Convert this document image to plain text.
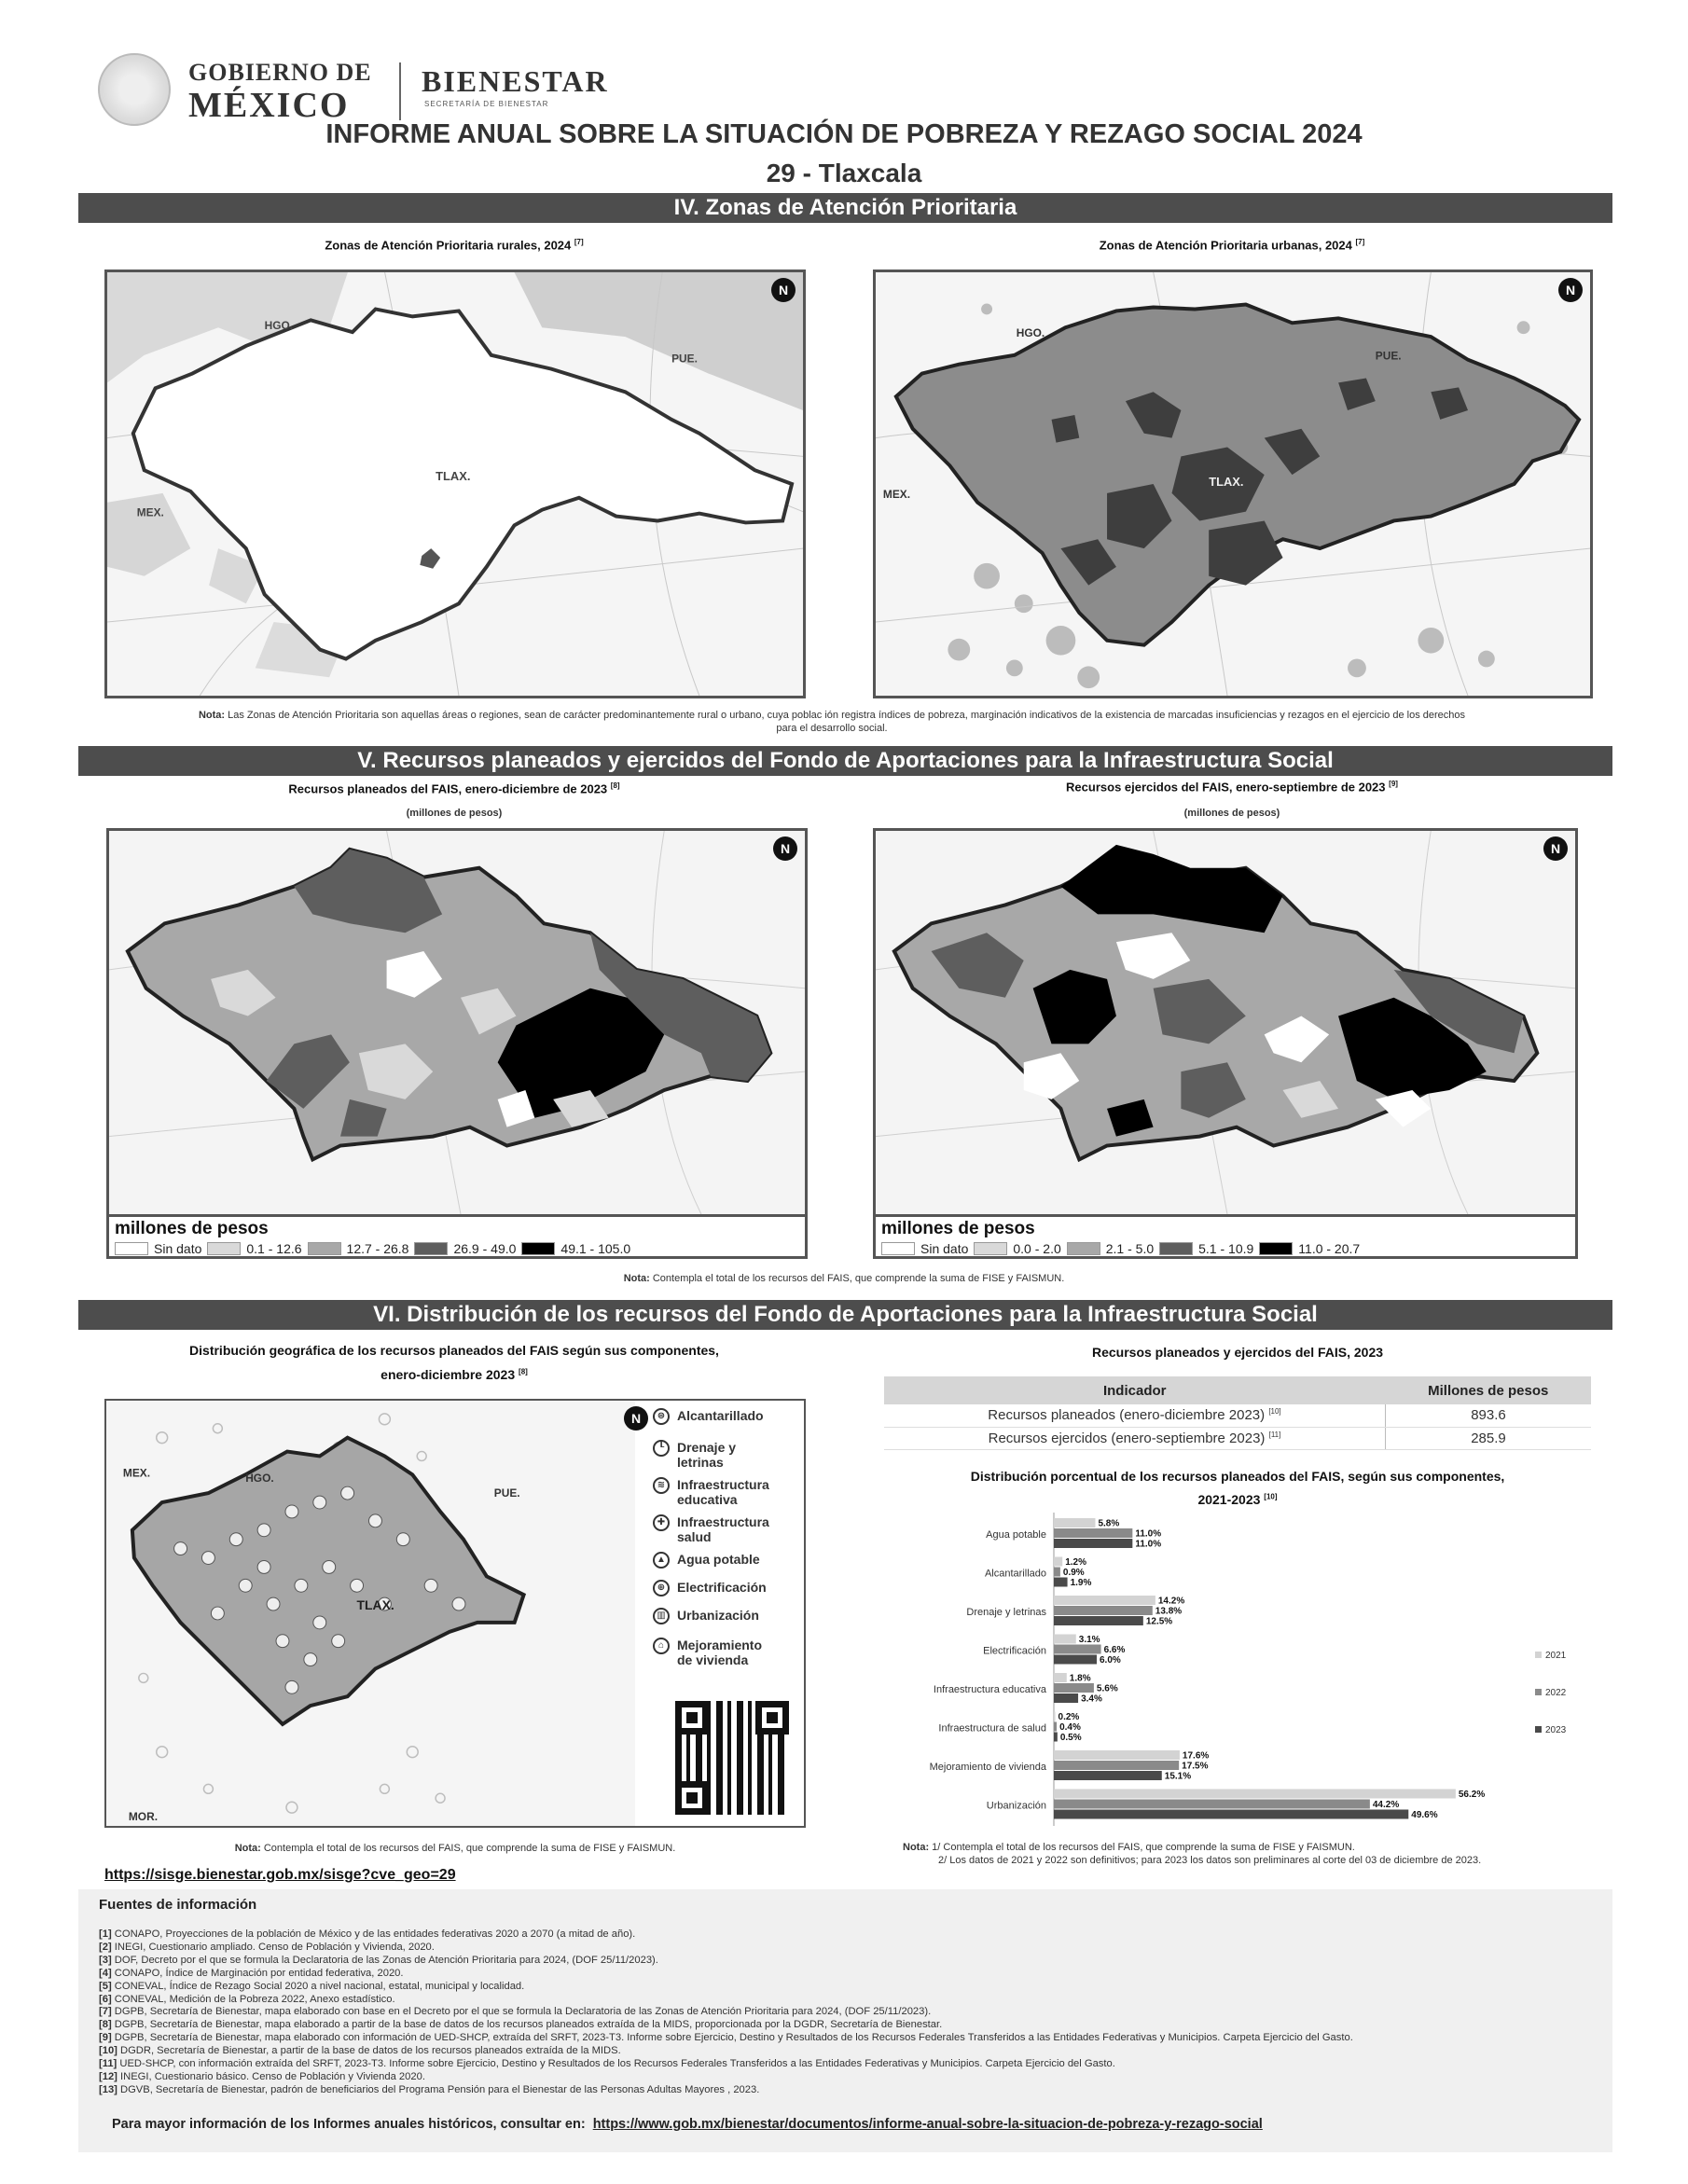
GOBIERNO DE
MÉXICO
BIENESTAR
SECRETARÍA DE BIENESTAR
INFORME ANUAL SOBRE LA SITUACIÓN DE POBREZA Y REZAGO SOCIAL 2024
29 - Tlaxcala
IV. Zonas de Atención Prioritaria
Zonas de Atención Prioritaria rurales, 2024 [7]	Zonas de Atención Prioritaria urbanas, 2024 [7]
HGO.
PUE.
TLAX.
MEX.
N
HGO.
PUE.
TLAX.
MEX.
N
Nota: Las Zonas de Atención Prioritaria son aquellas áreas o regiones, sean de carácter predominantemente rural o urbano, cuya poblac ión registra índices de pobreza, marginación indicativos de la existencia de marcadas insuficiencias y rezagos en el ejercicio de los derechos para el desarrollo social.
V. Recursos planeados y ejercidos del Fondo de Aportaciones para la Infraestructura Social
Recursos planeados del FAIS, enero-diciembre de 2023 [8]
(millones de pesos)
Recursos ejercidos del FAIS, enero-septiembre de 2023 [9]
(millones de pesos)
N
millones de pesos
Sin dato	0.1 - 12.6	12.7 - 26.8	26.9 - 49.0	49.1 - 105.0
N
millones de pesos
Sin dato	0.0 - 2.0	2.1 - 5.0	5.1 - 10.9	11.0 - 20.7
Nota: Contempla el total de los recursos del FAIS, que comprende la suma de FISE y FAISMUN.
VI. Distribución de los recursos del Fondo de Aportaciones para la Infraestructura Social
Distribución geográfica de los recursos planeados del FAIS según sus componentes,
enero-diciembre 2023 [8]
Recursos planeados y ejercidos del FAIS, 2023
MEX.	HGO.
PUE.
TLAX.
MOR.
N	⊜ Alcantarillado
┖ Drenaje y letrinas
≋ Infraestructura educativa
✚ Infraestructura salud
▲ Agua potable
⊕ Electrificación
▥ Urbanización
⌂ Mejoramiento de vivienda
Nota: Contempla el total de los recursos del FAIS, que comprende la suma de FISE y FAISMUN.
Indicador	Millones de pesos
Recursos planeados (enero-diciembre 2023) [10]	893.6
Recursos ejercidos (enero-septiembre 2023) [11]	285.9
Distribución porcentual de los recursos planeados del FAIS, según sus componentes,
2021-2023 [10]
Agua potable
5.8%
11.0%
11.0%
Alcantarillado
1.2%
0.9%
1.9%
Drenaje y letrinas
14.2%
13.8%
12.5%
Electrificación
3.1%
6.6%
6.0%
Infraestructura educativa
1.8%
5.6%
3.4%
Infraestructura de salud
0.2%
0.4%
0.5%
Mejoramiento de vivienda
17.6%
17.5%
15.1%
Urbanización
56.2%
44.2%
49.6%
2021
2022
2023
Nota: 1/ Contempla el total de los recursos del FAIS, que comprende la suma de FISE y FAISMUN.
2/ Los datos de 2021 y 2022 son definitivos; para 2023 los datos son preliminares al corte del 03 de diciembre de 2023.
https://sisge.bienestar.gob.mx/sisge?cve_geo=29
Fuentes de información
[1] CONAPO, Proyecciones de la población de México y de las entidades federativas 2020 a 2070 (a mitad de año).
[2] INEGI, Cuestionario ampliado. Censo de Población y Vivienda, 2020.
[3] DOF, Decreto por el que se formula la Declaratoria de las Zonas de Atención Prioritaria para 2024, (DOF 25/11/2023).
[4] CONAPO, Índice de Marginación por entidad federativa, 2020.
[5] CONEVAL, Índice de Rezago Social 2020 a nivel nacional, estatal, municipal y localidad.
[6] CONEVAL, Medición de la Pobreza 2022, Anexo estadístico.
[7] DGPB, Secretaría de Bienestar, mapa elaborado con base en el Decreto por el que se formula la Declaratoria de las Zonas de Atención Prioritaria para 2024, (DOF 25/11/2023).
[8] DGPB, Secretaría de Bienestar, mapa elaborado a partir de la base de datos de los recursos planeados extraída de la MIDS, proporcionada por la DGDR, Secretaría de Bienestar.
[9] DGPB, Secretaría de Bienestar, mapa elaborado con información de UED-SHCP, extraída del SRFT, 2023-T3. Informe sobre Ejercicio, Destino y Resultados de los Recursos Federales Transferidos a las Entidades Federativas y Municipios. Carpeta Ejercicio del Gasto.
[10] DGDR, Secretaría de Bienestar, a partir de la base de datos de los recursos planeados extraída de la MIDS.
[11] UED-SHCP, con información extraída del SRFT, 2023-T3. Informe sobre Ejercicio, Destino y Resultados de los Recursos Federales Transferidos a las Entidades Federativas y Municipios. Carpeta Ejercicio del Gasto.
[12] INEGI, Cuestionario básico. Censo de Población y Vivienda 2020.
[13] DGVB, Secretaría de Bienestar, padrón de beneficiarios del Programa Pensión para el Bienestar de las Personas Adultas Mayores , 2023.
Para mayor información de los Informes anuales históricos, consultar en: https://www.gob.mx/bienestar/documentos/informe-anual-sobre-la-situacion-de-pobreza-y-rezago-social
